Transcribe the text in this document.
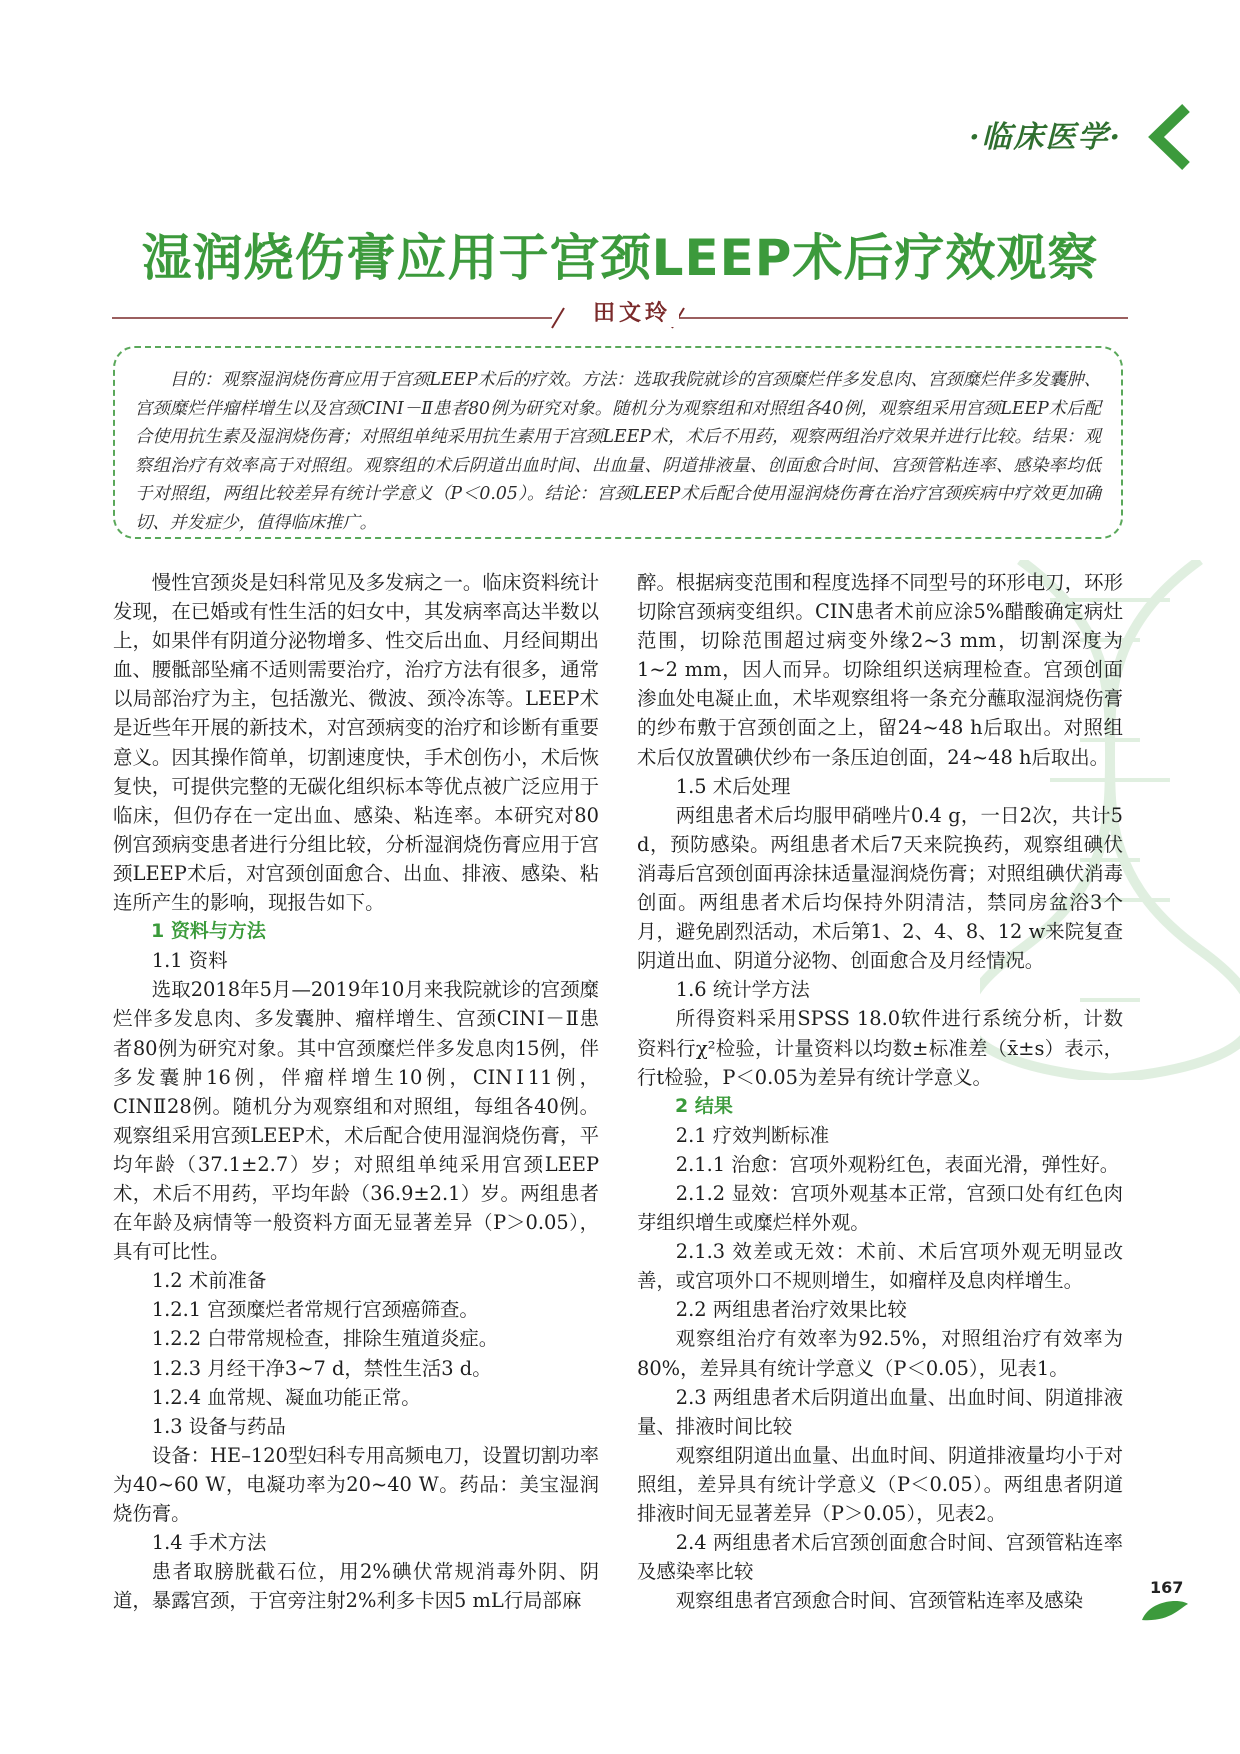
·临床医学·
湿润烧伤膏应用于宫颈LEEP术后疗效观察
田文玲
目的：观察湿润烧伤膏应用于宫颈LEEP术后的疗效。方法：选取我院就诊的宫颈糜烂伴多发息肉、宫颈糜烂伴多发囊肿、宫颈糜烂伴瘤样增生以及宫颈CINⅠ－Ⅱ患者80例为研究对象。随机分为观察组和对照组各40例，观察组采用宫颈LEEP术后配合使用抗生素及湿润烧伤膏；对照组单纯采用抗生素用于宫颈LEEP术，术后不用药，观察两组治疗效果并进行比较。结果：观察组治疗有效率高于对照组。观察组的术后阴道出血时间、出血量、阴道排液量、创面愈合时间、宫颈管粘连率、感染率均低于对照组，两组比较差异有统计学意义（P＜0.05）。结论：宫颈LEEP术后配合使用湿润烧伤膏在治疗宫颈疾病中疗效更加确切、并发症少，值得临床推广。

慢性宫颈炎是妇科常见及多发病之一。临床资料统计发现，在已婚或有性生活的妇女中，其发病率高达半数以上，如果伴有阴道分泌物增多、性交后出血、月经间期出血、腰骶部坠痛不适则需要治疗，治疗方法有很多，通常以局部治疗为主，包括激光、微波、颈冷冻等。LEEP术是近些年开展的新技术，对宫颈病变的治疗和诊断有重要意义。因其操作简单，切割速度快，手术创伤小，术后恢复快，可提供完整的无碳化组织标本等优点被广泛应用于临床，但仍存在一定出血、感染、粘连率。本研究对80例宫颈病变患者进行分组比较，分析湿润烧伤膏应用于宫颈LEEP术后，对宫颈创面愈合、出血、排液、感染、粘连所产生的影响，现报告如下。

1 资料与方法

1.1 资料

选取2018年5月—2019年10月来我院就诊的宫颈糜烂伴多发息肉、多发囊肿、瘤样增生、宫颈CINⅠ－Ⅱ患者80例为研究对象。其中宫颈糜烂伴多发息肉15例，伴多发囊肿16例，伴瘤样增生10例，CINⅠ11例，CINⅡ28例。随机分为观察组和对照组，每组各40例。观察组采用宫颈LEEP术，术后配合使用湿润烧伤膏，平均年龄（37.1±2.7）岁；对照组单纯采用宫颈LEEP术，术后不用药，平均年龄（36.9±2.1）岁。两组患者在年龄及病情等一般资料方面无显著差异（P＞0.05），具有可比性。

1.2 术前准备

1.2.1 宫颈糜烂者常规行宫颈癌筛查。

1.2.2 白带常规检查，排除生殖道炎症。

1.2.3 月经干净3~7 d，禁性生活3 d。

1.2.4 血常规、凝血功能正常。

1.3 设备与药品

设备：HE–120型妇科专用高频电刀，设置切割功率为40~60 W，电凝功率为20~40 W。药品：美宝湿润烧伤膏。

1.4 手术方法

患者取膀胱截石位，用2%碘伏常规消毒外阴、阴道，暴露宫颈，于宫旁注射2%利多卡因5 mL行局部麻

醉。根据病变范围和程度选择不同型号的环形电刀，环形切除宫颈病变组织。CIN患者术前应涂5%醋酸确定病灶范围，切除范围超过病变外缘2~3 mm，切割深度为1~2 mm，因人而异。切除组织送病理检查。宫颈创面渗血处电凝止血，术毕观察组将一条充分蘸取湿润烧伤膏的纱布敷于宫颈创面之上，留24~48 h后取出。对照组术后仅放置碘伏纱布一条压迫创面，24~48 h后取出。

1.5 术后处理

两组患者术后均服甲硝唑片0.4 g，一日2次，共计5 d，预防感染。两组患者术后7天来院换药，观察组碘伏消毒后宫颈创面再涂抹适量湿润烧伤膏；对照组碘伏消毒创面。两组患者术后均保持外阴清洁，禁同房盆浴3个月，避免剧烈活动，术后第1、2、4、8、12 w来院复查阴道出血、阴道分泌物、创面愈合及月经情况。

1.6 统计学方法

所得资料采用SPSS 18.0软件进行系统分析，计数资料行χ²检验，计量资料以均数±标准差（x̄±s）表示，行t检验，P＜0.05为差异有统计学意义。

2 结果

2.1 疗效判断标准

2.1.1 治愈：宫项外观粉红色，表面光滑，弹性好。

2.1.2 显效：宫项外观基本正常，宫颈口处有红色肉芽组织增生或糜烂样外观。

2.1.3 效差或无效：术前、术后宫项外观无明显改善，或宫项外口不规则增生，如瘤样及息肉样增生。

2.2 两组患者治疗效果比较

观察组治疗有效率为92.5%，对照组治疗有效率为80%，差异具有统计学意义（P＜0.05），见表1。

2.3 两组患者术后阴道出血量、出血时间、阴道排液量、排液时间比较

观察组阴道出血量、出血时间、阴道排液量均小于对照组，差异具有统计学意义（P＜0.05）。两组患者阴道排液时间无显著差异（P＞0.05），见表2。

2.4 两组患者术后宫颈创面愈合时间、宫颈管粘连率及感染率比较

观察组患者宫颈愈合时间、宫颈管粘连率及感染

167
